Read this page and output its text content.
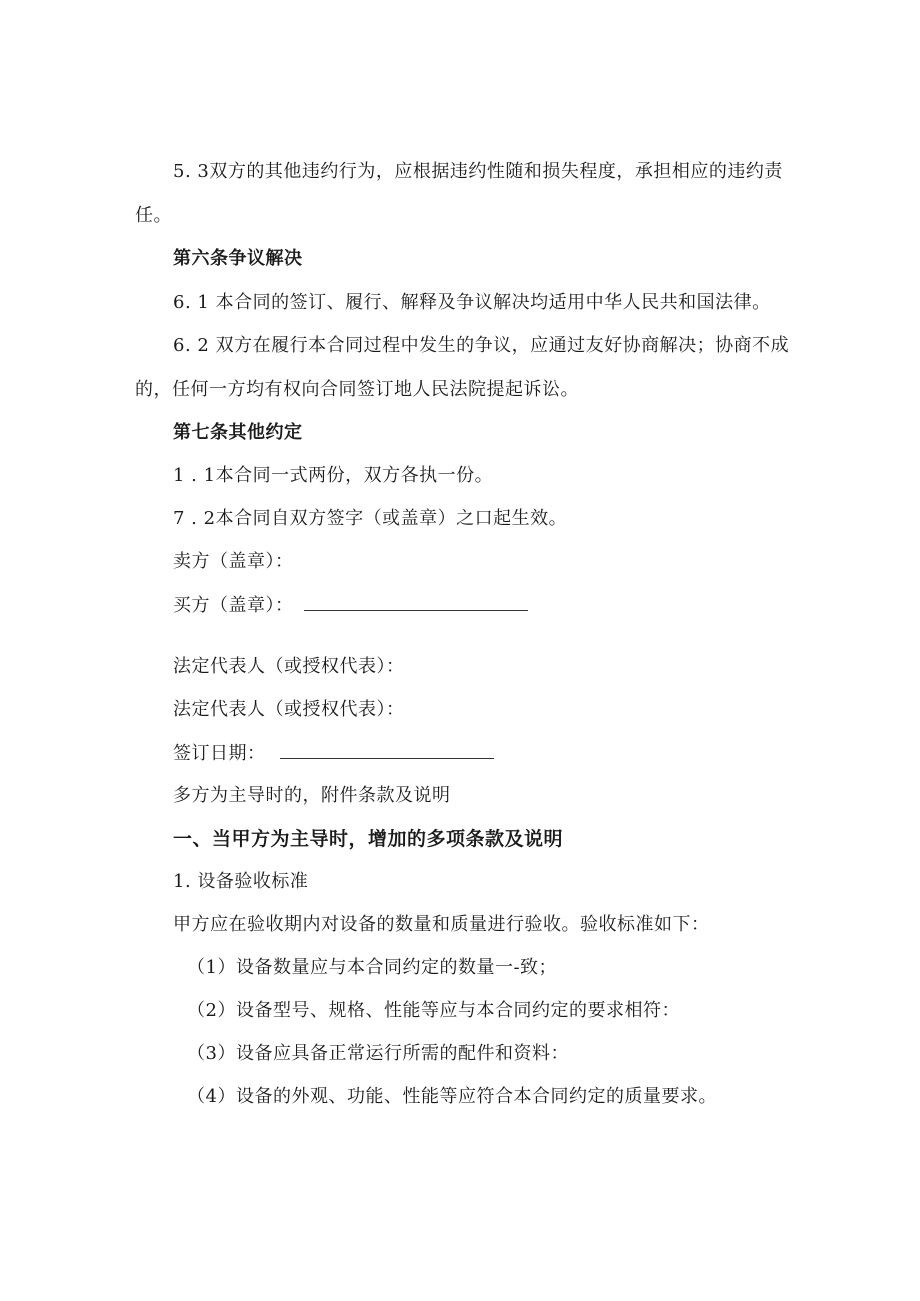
5. 3双方的其他违约行为，应根据违约性随和损失程度，承担相应的违约责
任。
第六条争议解决
6. 1 本合同的签订、履行、解释及争议解决均适用中华人民共和国法律。
6. 2 双方在履行本合同过程中发生的争议，应通过友好协商解决；协商不成
的，任何一方均有权向合同签订地人民法院提起诉讼。
第七条其他约定
1 . 1本合同一式两份，双方各执一份。
7 . 2本合同自双方签字（或盖章）之口起生效。
卖方（盖章）：
买方（盖章）：
法定代表人（或授权代表）：
法定代表人（或授权代表）：
签订日期：
多方为主导时的，附件条款及说明
一、当甲方为主导时，增加的多项条款及说明
1. 设备验收标准
甲方应在验收期内对设备的数量和质量进行验收。验收标准如下：
（1）设备数量应与本合同约定的数量一-致；
（2）设备型号、规格、性能等应与本合同约定的要求相符：
（3）设备应具备正常运行所需的配件和资料：
（4）设备的外观、功能、性能等应符合本合同约定的质量要求。
